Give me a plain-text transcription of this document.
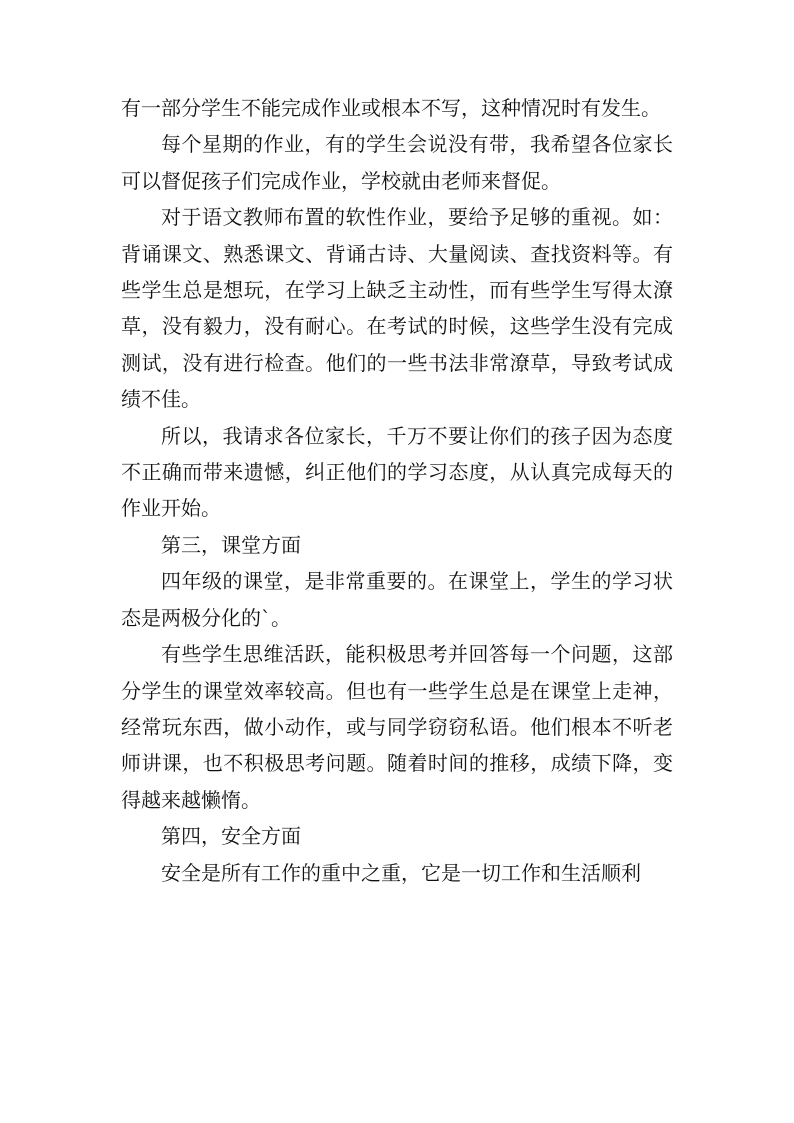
有一部分学生不能完成作业或根本不写，这种情况时有发生。

每个星期的作业，有的学生会说没有带，我希望各位家长可以督促孩子们完成作业，学校就由老师来督促。

对于语文教师布置的软性作业，要给予足够的重视。如：背诵课文、熟悉课文、背诵古诗、大量阅读、查找资料等。有些学生总是想玩，在学习上缺乏主动性，而有些学生写得太潦草，没有毅力，没有耐心。在考试的时候，这些学生没有完成测试，没有进行检查。他们的一些书法非常潦草，导致考试成绩不佳。

所以，我请求各位家长，千万不要让你们的孩子因为态度不正确而带来遗憾，纠正他们的学习态度，从认真完成每天的作业开始。

第三，课堂方面

四年级的课堂，是非常重要的。在课堂上，学生的学习状态是两极分化的`。

有些学生思维活跃，能积极思考并回答每一个问题，这部分学生的课堂效率较高。但也有一些学生总是在课堂上走神，经常玩东西，做小动作，或与同学窃窃私语。他们根本不听老师讲课，也不积极思考问题。随着时间的推移，成绩下降，变得越来越懒惰。

第四，安全方面

安全是所有工作的重中之重，它是一切工作和生活顺利
